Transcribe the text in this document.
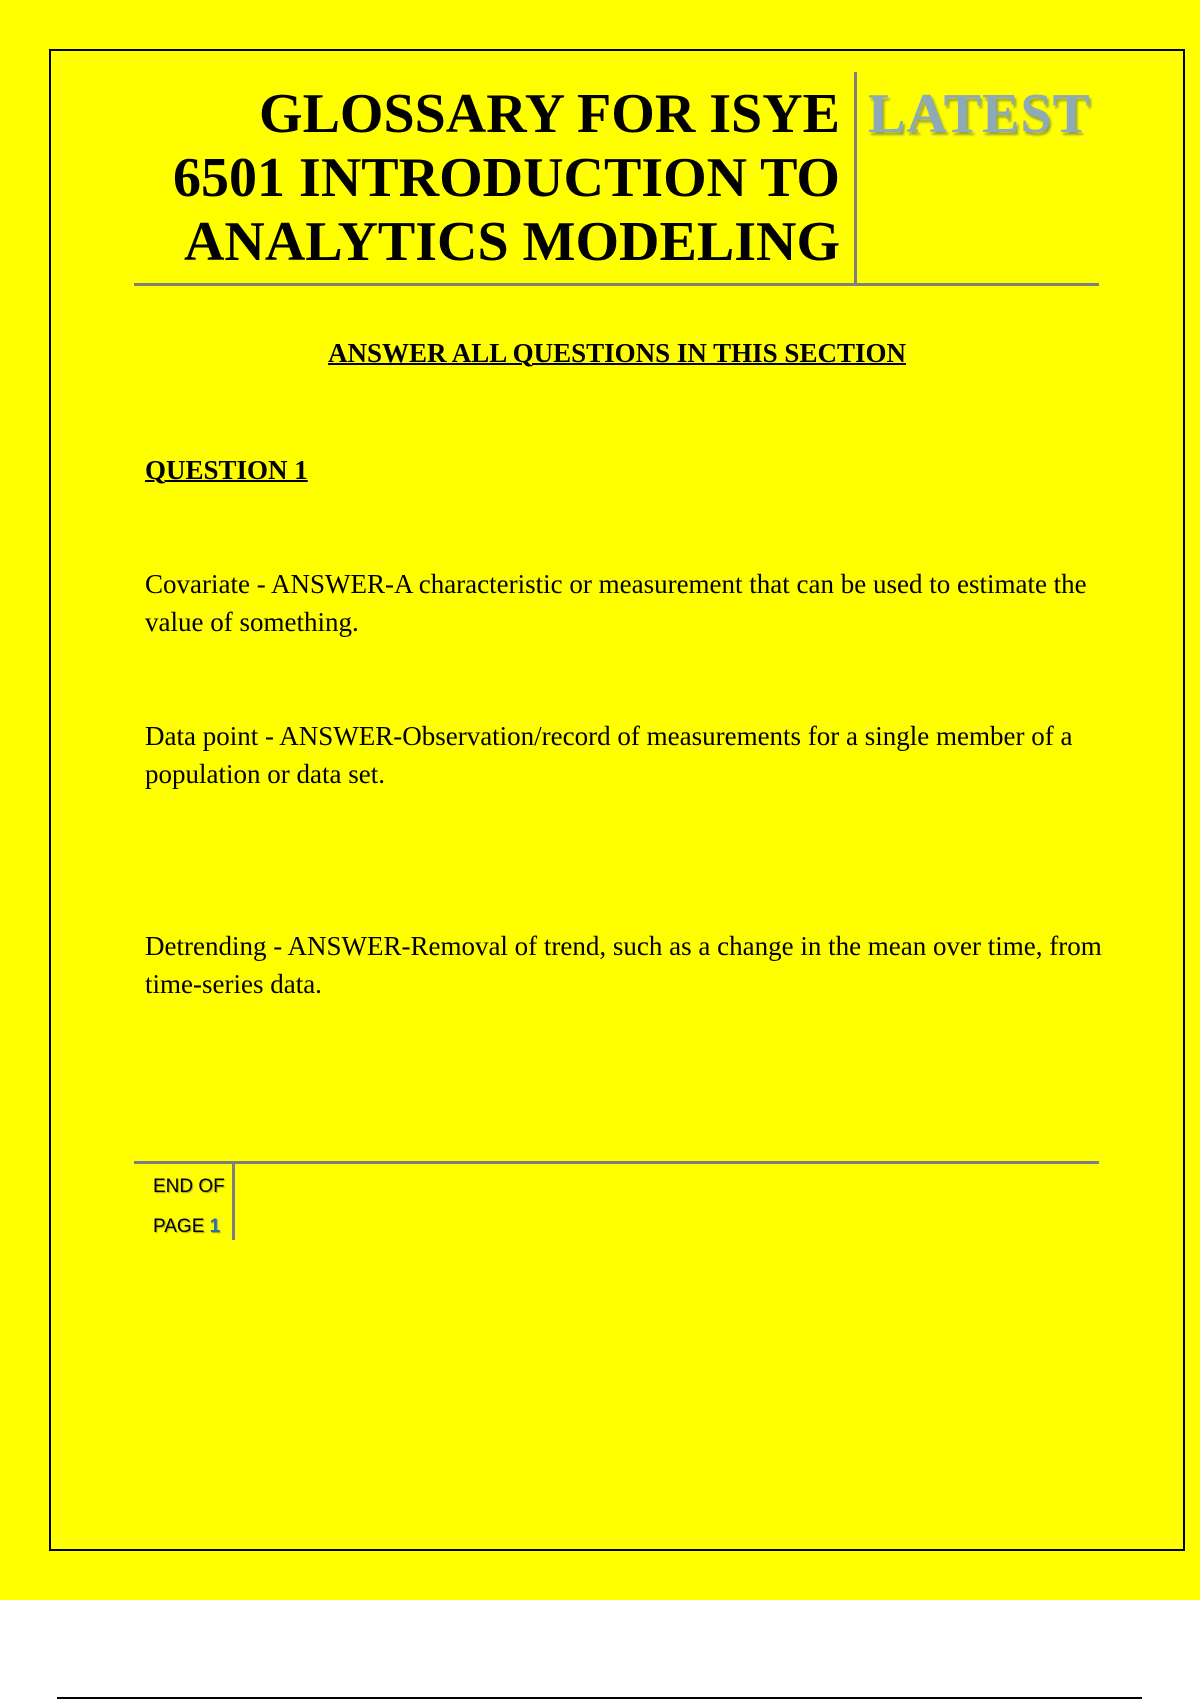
GLOSSARY FOR ISYE
6501 INTRODUCTION TO
ANALYTICS MODELING
LATEST
ANSWER ALL QUESTIONS IN THIS SECTION
QUESTION 1

Covariate - ANSWER-A characteristic or measurement that can be used to estimate the value of something.

Data point - ANSWER-Observation/record of measurements for a single member of a population or data set.

Detrending - ANSWER-Removal of trend, such as a change in the mean over time, from time-series data.

END OF
PAGE 1
